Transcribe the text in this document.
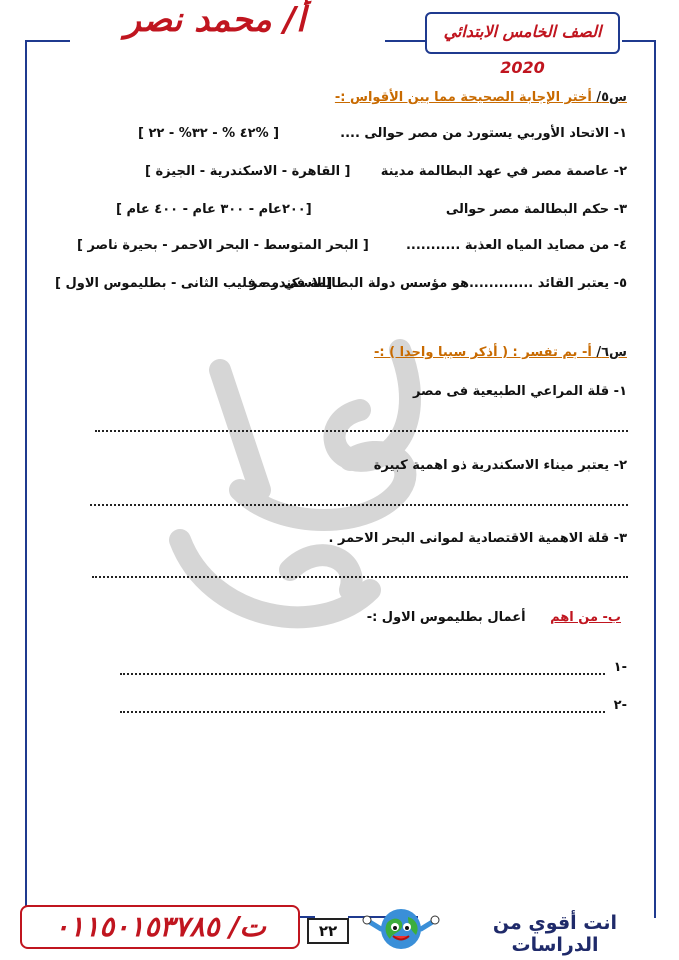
أ/ محمد نصر	الصف الخامس الابتدائي 2020
س٥/ أختر الإجابة الصحيحة مما بين الأقواس :-
١- الاتحاد الأوربي يستورد من مصر حوالى ....
[ ٤٢ % - ٣٢% - ٢٢% ]
٢- عاصمة مصر في عهد البطالمة مدينة
[ القاهرة - الاسكندرية - الجيزة ]
٣- حكم البطالمة مصر حوالى
[٢٠٠عام - ٣٠٠ عام - ٤٠٠ عام ]
٤- من مصايد المياه العذبة ...........
[ البحر المتوسط - البحر الاحمر - بحيرة ناصر ]
٥- يعتبر القائد .............هو مؤسس دولة البطالمة في مصر
[الاسكندر – فليب الثانى - بطليموس الاول ]
س٦/ أ- بم تفسر : ( أذكر سببا واحدا ) :-
١- قلة المراعي الطبيعية فى مصر
٢- يعتبر ميناء الاسكندرية ذو اهمية كبيرة
٣- قلة الاهمية الاقتصادية لموانى البحر الاحمر .
ب- من اهم أعمال بطليموس الاول :-
١-
٢-
ت/ ٠١١٥٠١٥٣٧٨٥	٢٢	انت أقوي من الدراسات
